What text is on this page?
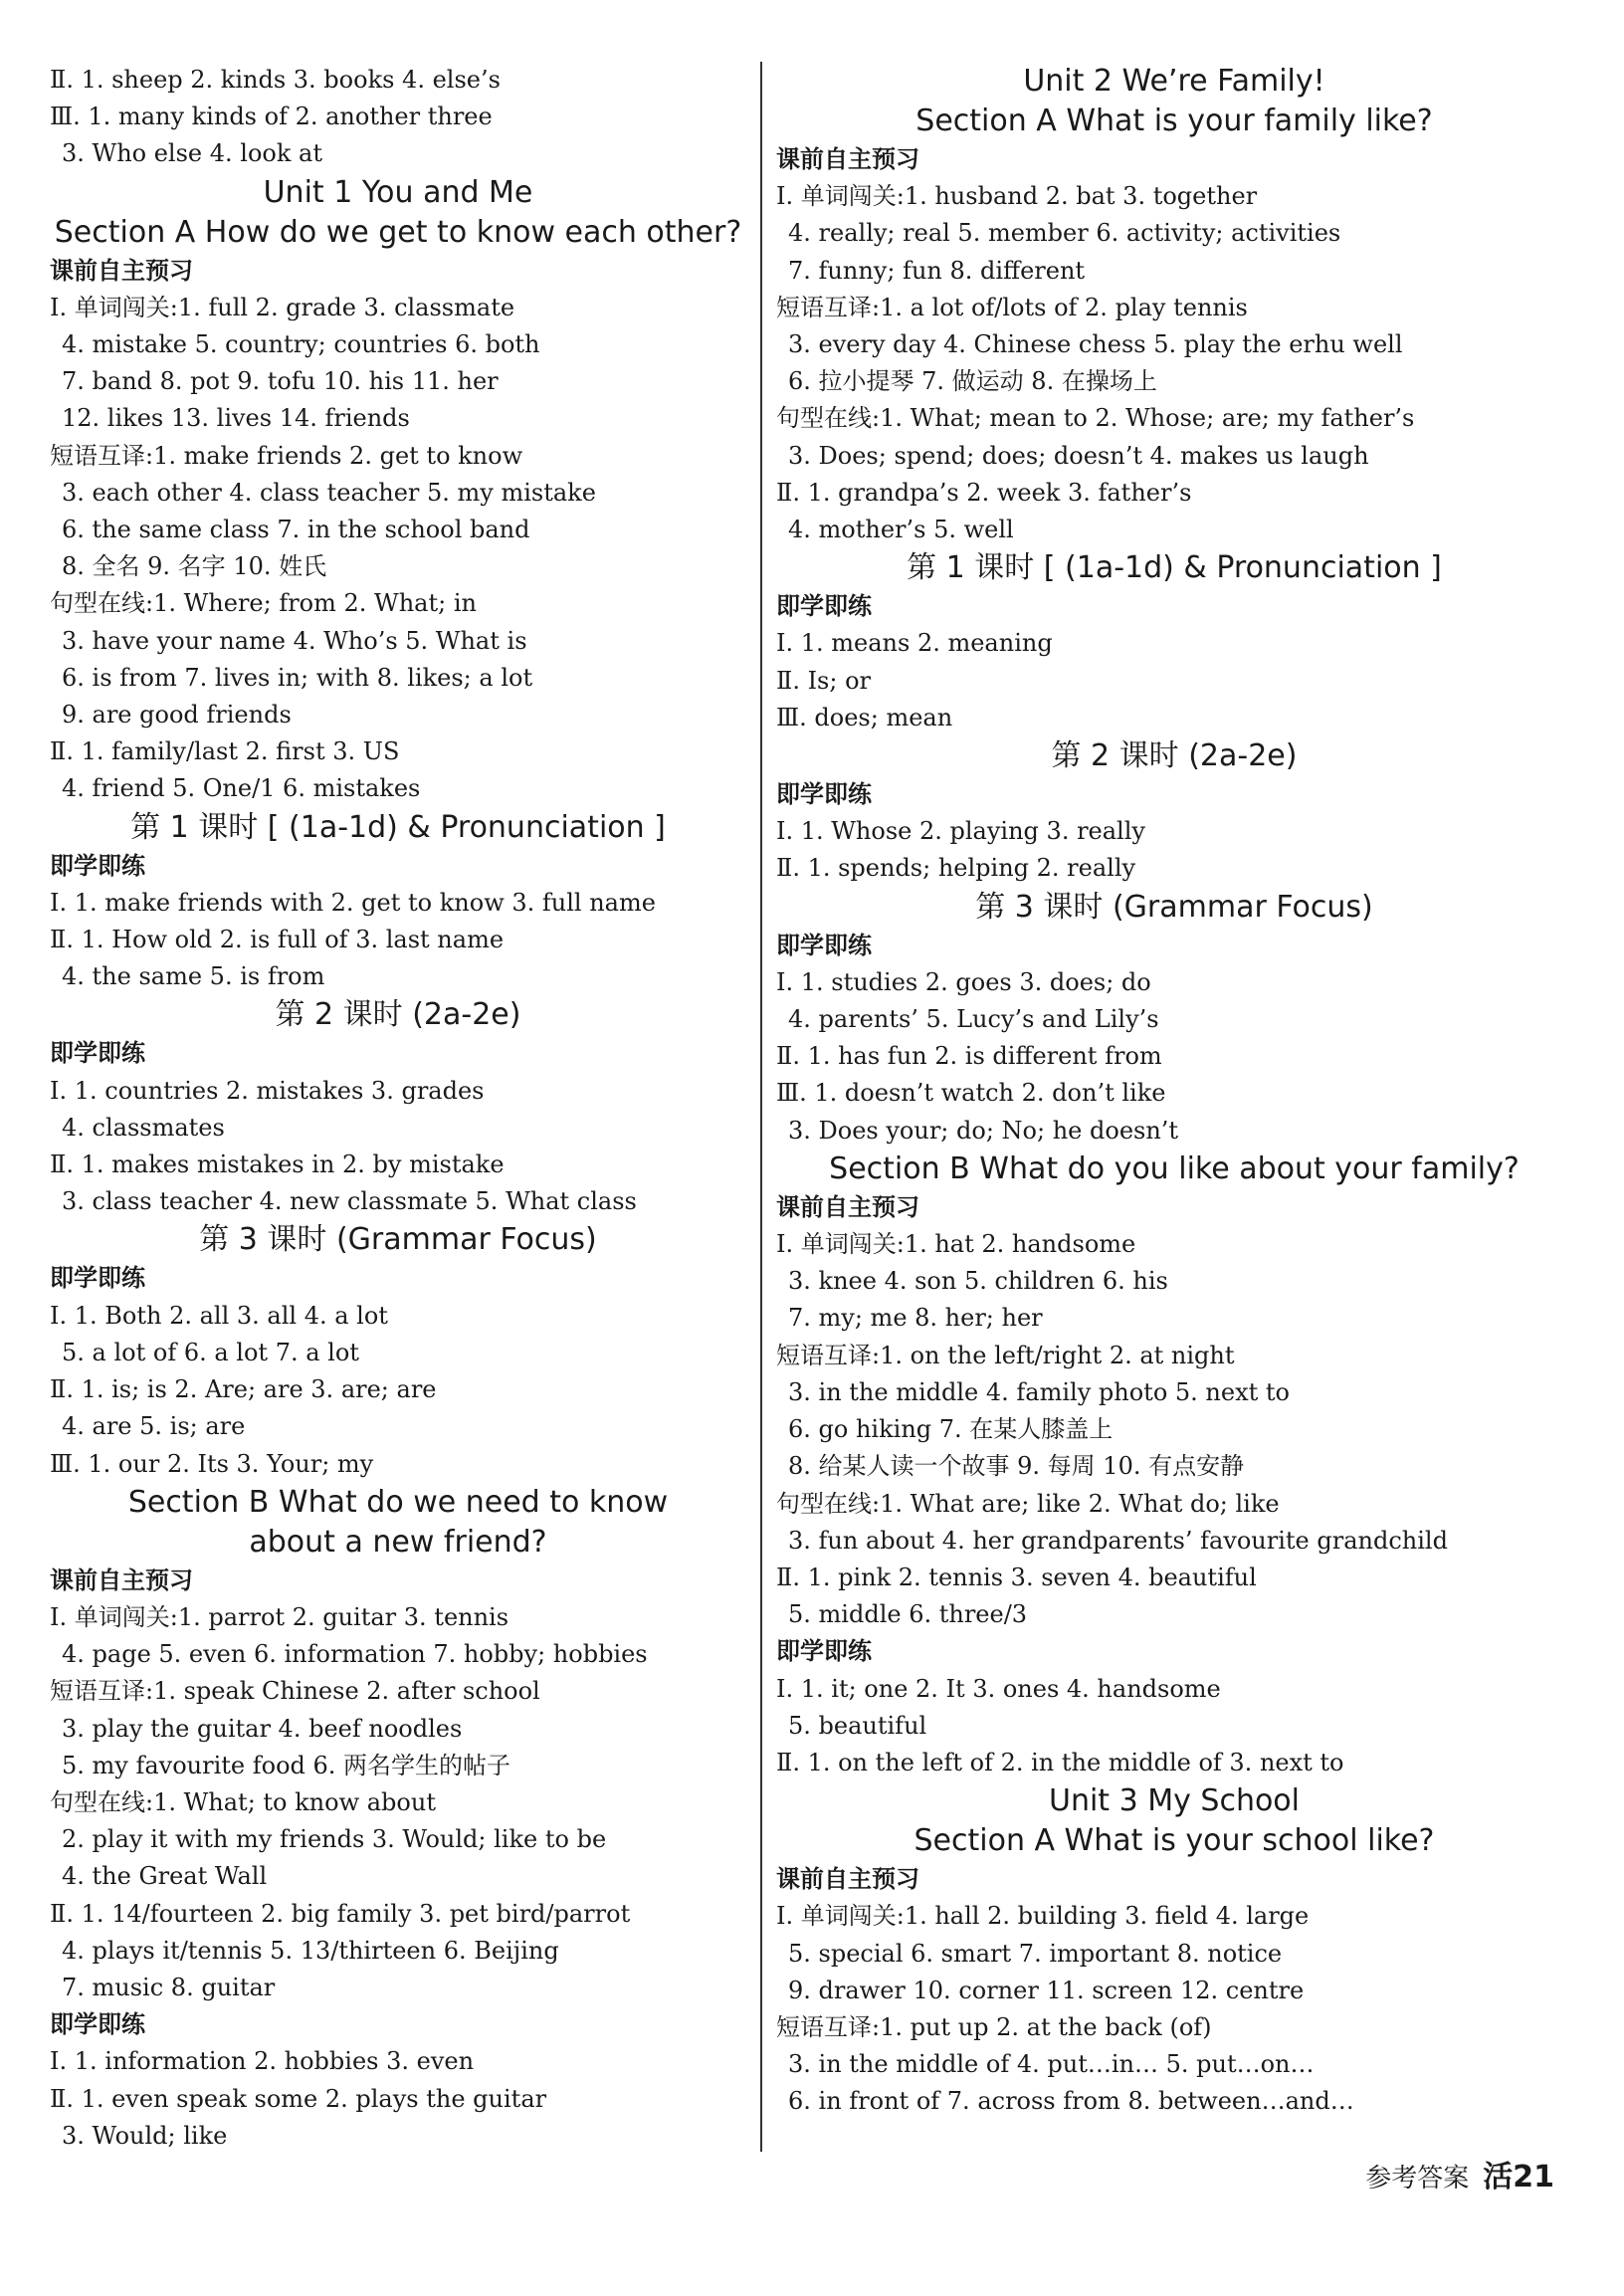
Ⅱ. 1. sheep 2. kinds 3. books 4. else’s
Ⅲ. 1. many kinds of 2. another three
3. Who else 4. look at
Unit 1 You and Me
Section A How do we get to know each other?
课前自主预习
Ⅰ. 单词闯关:1. full 2. grade 3. classmate
4. mistake 5. country; countries 6. both
7. band 8. pot 9. tofu 10. his 11. her
12. likes 13. lives 14. friends
短语互译:1. make friends 2. get to know
3. each other 4. class teacher 5. my mistake
6. the same class 7. in the school band
8. 全名 9. 名字 10. 姓氏
句型在线:1. Where; from 2. What; in
3. have your name 4. Who’s 5. What is
6. is from 7. lives in; with 8. likes; a lot
9. are good friends
Ⅱ. 1. family/last 2. first 3. US
4. friend 5. One/1 6. mistakes
第 1 课时 [ (1a-1d) & Pronunciation ]
即学即练
Ⅰ. 1. make friends with 2. get to know 3. full name
Ⅱ. 1. How old 2. is full of 3. last name
4. the same 5. is from
第 2 课时 (2a-2e)
即学即练
Ⅰ. 1. countries 2. mistakes 3. grades
4. classmates
Ⅱ. 1. makes mistakes in 2. by mistake
3. class teacher 4. new classmate 5. What class
第 3 课时 (Grammar Focus)
即学即练
Ⅰ. 1. Both 2. all 3. all 4. a lot
5. a lot of 6. a lot 7. a lot
Ⅱ. 1. is; is 2. Are; are 3. are; are
4. are 5. is; are
Ⅲ. 1. our 2. Its 3. Your; my
Section B What do we need to know
about a new friend?
课前自主预习
Ⅰ. 单词闯关:1. parrot 2. guitar 3. tennis
4. page 5. even 6. information 7. hobby; hobbies
短语互译:1. speak Chinese 2. after school
3. play the guitar 4. beef noodles
5. my favourite food 6. 两名学生的帖子
句型在线:1. What; to know about
2. play it with my friends 3. Would; like to be
4. the Great Wall
Ⅱ. 1. 14/fourteen 2. big family 3. pet bird/parrot
4. plays it/tennis 5. 13/thirteen 6. Beijing
7. music 8. guitar
即学即练
Ⅰ. 1. information 2. hobbies 3. even
Ⅱ. 1. even speak some 2. plays the guitar
3. Would; like
Unit 2 We’re Family!
Section A What is your family like?
课前自主预习
Ⅰ. 单词闯关:1. husband 2. bat 3. together
4. really; real 5. member 6. activity; activities
7. funny; fun 8. different
短语互译:1. a lot of/lots of 2. play tennis
3. every day 4. Chinese chess 5. play the erhu well
6. 拉小提琴 7. 做运动 8. 在操场上
句型在线:1. What; mean to 2. Whose; are; my father’s
3. Does; spend; does; doesn’t 4. makes us laugh
Ⅱ. 1. grandpa’s 2. week 3. father’s
4. mother’s 5. well
第 1 课时 [ (1a-1d) & Pronunciation ]
即学即练
Ⅰ. 1. means 2. meaning
Ⅱ. Is; or
Ⅲ. does; mean
第 2 课时 (2a-2e)
即学即练
Ⅰ. 1. Whose 2. playing 3. really
Ⅱ. 1. spends; helping 2. really
第 3 课时 (Grammar Focus)
即学即练
Ⅰ. 1. studies 2. goes 3. does; do
4. parents’ 5. Lucy’s and Lily’s
Ⅱ. 1. has fun 2. is different from
Ⅲ. 1. doesn’t watch 2. don’t like
3. Does your; do; No; he doesn’t
Section B What do you like about your family?
课前自主预习
Ⅰ. 单词闯关:1. hat 2. handsome
3. knee 4. son 5. children 6. his
7. my; me 8. her; her
短语互译:1. on the left/right 2. at night
3. in the middle 4. family photo 5. next to
6. go hiking 7. 在某人膝盖上
8. 给某人读一个故事 9. 每周 10. 有点安静
句型在线:1. What are; like 2. What do; like
3. fun about 4. her grandparents’ favourite grandchild
Ⅱ. 1. pink 2. tennis 3. seven 4. beautiful
5. middle 6. three/3
即学即练
Ⅰ. 1. it; one 2. It 3. ones 4. handsome
5. beautiful
Ⅱ. 1. on the left of 2. in the middle of 3. next to
Unit 3 My School
Section A What is your school like?
课前自主预习
Ⅰ. 单词闯关:1. hall 2. building 3. field 4. large
5. special 6. smart 7. important 8. notice
9. drawer 10. corner 11. screen 12. centre
短语互译:1. put up 2. at the back (of)
3. in the middle of 4. put…in… 5. put…on…
6. in front of 7. across from 8. between…and…
参考答案 活21
